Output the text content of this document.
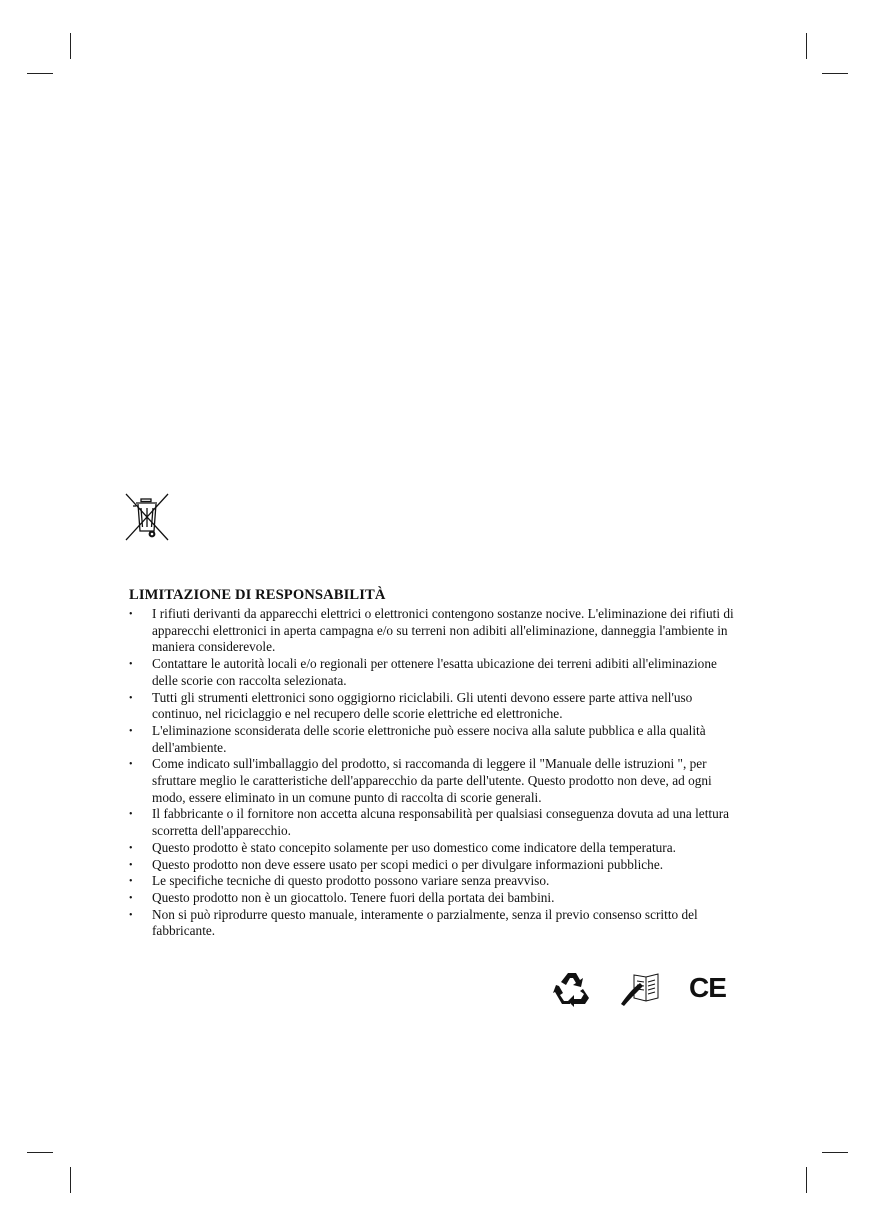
LIMITAZIONE DI RESPONSABILITÀ
•	I rifiuti derivanti da apparecchi elettrici o elettronici contengono sostanze nocive. L'eliminazione dei rifiuti di apparecchi elettronici in aperta campagna e/o su terreni non adibiti all'eliminazione, danneggia l'ambiente in maniera considerevole.
•	Contattare le autorità locali e/o regionali per ottenere l'esatta ubicazione dei terreni adibiti all'eliminazione delle scorie con raccolta selezionata.
•	Tutti gli strumenti elettronici sono oggigiorno riciclabili. Gli utenti devono essere parte attiva nell'uso continuo, nel riciclaggio e nel recupero delle scorie elettriche ed elettroniche.
•	L'eliminazione sconsiderata delle scorie elettroniche può essere nociva alla salute pubblica e alla qualità dell'ambiente.
•	Come indicato sull'imballaggio del prodotto, si raccomanda di leggere il "Manuale delle istruzioni ", per sfruttare meglio le caratteristiche dell'apparecchio da parte dell'utente. Questo prodotto non deve, ad ogni modo, essere eliminato in un comune punto di raccolta di scorie generali.
•	Il fabbricante o il fornitore non accetta alcuna responsabilità per qualsiasi conseguenza dovuta ad una lettura scorretta dell'apparecchio.
•	Questo prodotto è stato concepito solamente per uso domestico come indicatore della temperatura.
•	Questo prodotto non deve essere usato per scopi medici o per divulgare informazioni pubbliche.
•	Le specifiche tecniche di questo prodotto possono variare senza preavviso.
•	Questo prodotto non è un giocattolo. Tenere fuori della portata dei bambini.
•	Non si può riprodurre questo manuale, interamente o parzialmente, senza il previo consenso scritto del fabbricante.
CE
